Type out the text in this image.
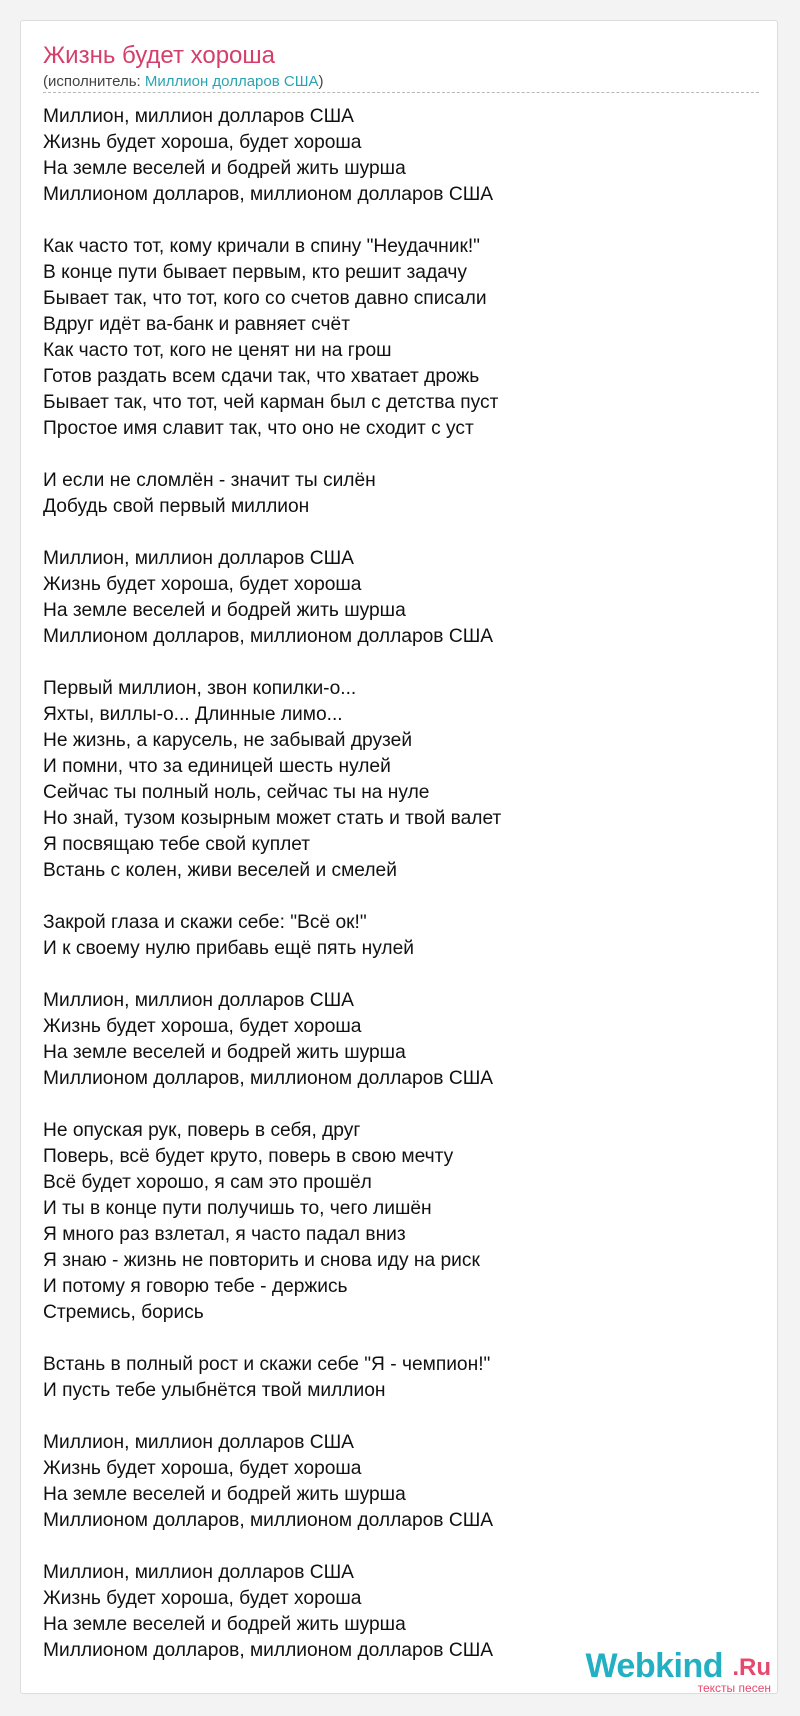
Жизнь будет хороша
(исполнитель: Миллион долларов США)
Миллион, миллион долларов США
Жизнь будет хороша, будет хороша
На земле веселей и бодрей жить шурша
Миллионом долларов, миллионом долларов США
Как часто тот, кому кричали в спину "Неудачник!"
В конце пути бывает первым, кто решит задачу
Бывает так, что тот, кого со счетов давно списали
Вдруг идёт ва-банк и равняет счёт
Как часто тот, кого не ценят ни на грош
Готов раздать всем сдачи так, что хватает дрожь
Бывает так, что тот, чей карман был с детства пуст
Простое имя славит так, что оно не сходит с уст
И если не сломлён - значит ты силён
Добудь свой первый миллион
Миллион, миллион долларов США
Жизнь будет хороша, будет хороша
На земле веселей и бодрей жить шурша
Миллионом долларов, миллионом долларов США
Первый миллион, звон копилки-о...
Яхты, виллы-о... Длинные лимо...
Не жизнь, а карусель, не забывай друзей
И помни, что за единицей шесть нулей
Сейчас ты полный ноль, сейчас ты на нуле
Но знай, тузом козырным может стать и твой валет
Я посвящаю тебе свой куплет
Встань с колен, живи веселей и смелей
Закрой глаза и скажи себе: "Всё ок!"
И к своему нулю прибавь ещё пять нулей
Миллион, миллион долларов США
Жизнь будет хороша, будет хороша
На земле веселей и бодрей жить шурша
Миллионом долларов, миллионом долларов США
Не опуская рук, поверь в себя, друг
Поверь, всё будет круто, поверь в свою мечту
Всё будет хорошо, я сам это прошёл
И ты в конце пути получишь то, чего лишён
Я много раз взлетал, я часто падал вниз
Я знаю - жизнь не повторить и снова иду на риск
И потому я говорю тебе - держись
Стремись, борись
Встань в полный рост и скажи себе "Я - чемпион!"
И пусть тебе улыбнётся твой миллион
Миллион, миллион долларов США
Жизнь будет хороша, будет хороша
На земле веселей и бодрей жить шурша
Миллионом долларов, миллионом долларов США
Миллион, миллион долларов США
Жизнь будет хороша, будет хороша
На земле веселей и бодрей жить шурша
Миллионом долларов, миллионом долларов США	Webkind .Ru
тексты песен
